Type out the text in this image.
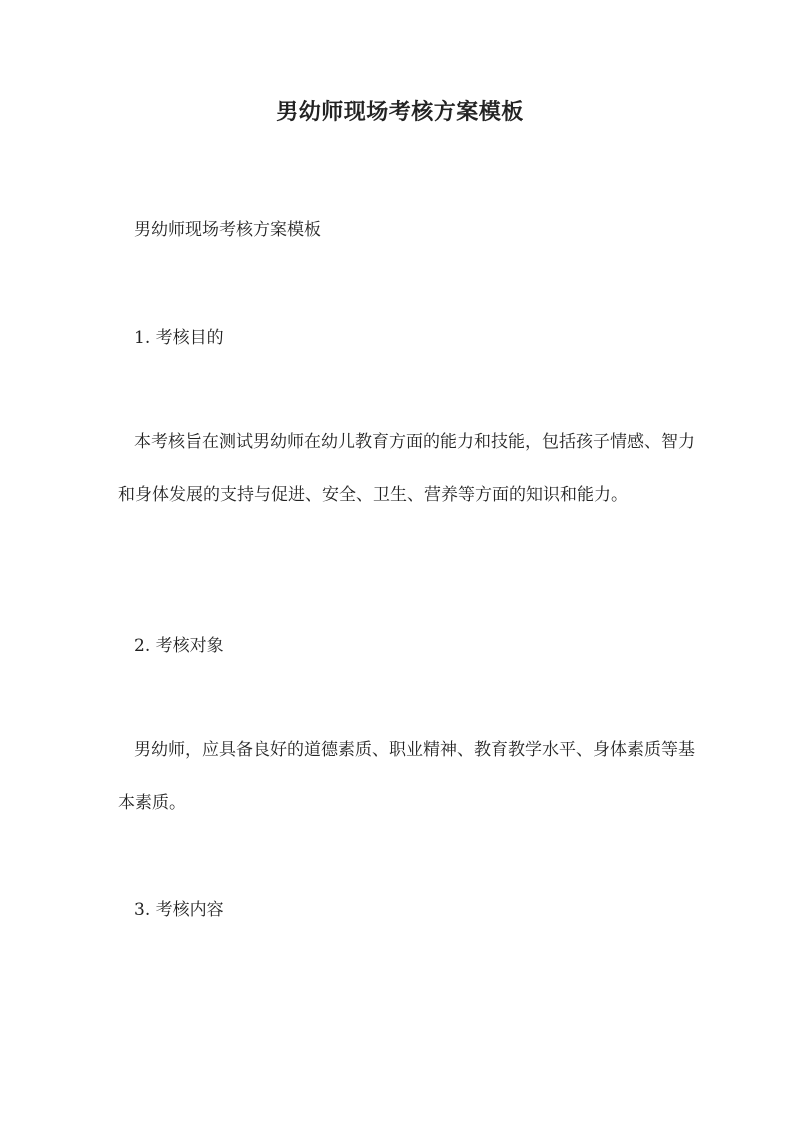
男幼师现场考核方案模板
男幼师现场考核方案模板
1. 考核目的
本考核旨在测试男幼师在幼儿教育方面的能力和技能，包括孩子情感、智力和身体发展的支持与促进、安全、卫生、营养等方面的知识和能力。
2. 考核对象
男幼师，应具备良好的道德素质、职业精神、教育教学水平、身体素质等基本素质。
3. 考核内容
